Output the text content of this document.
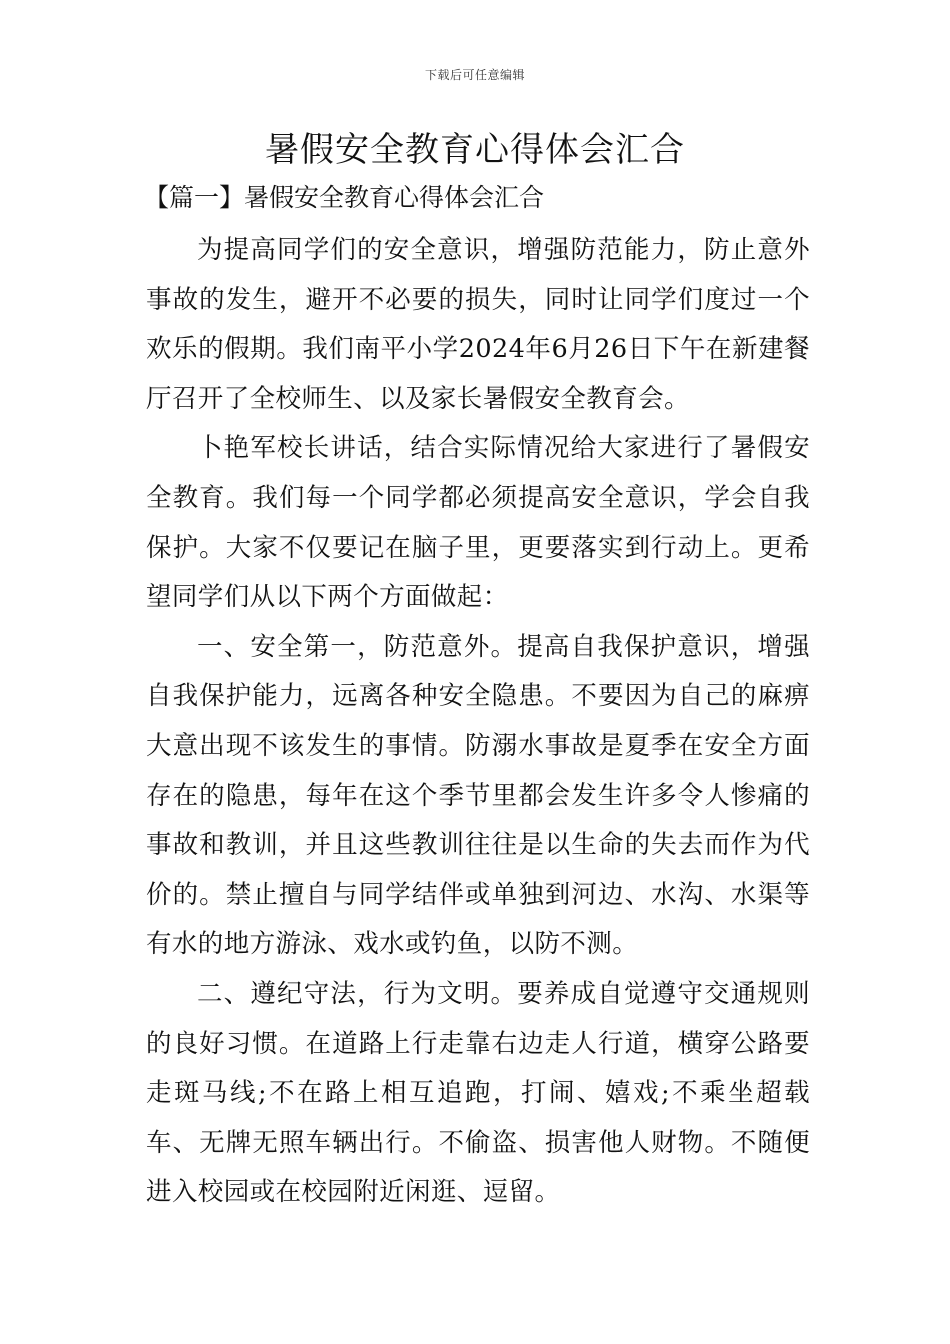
下载后可任意编辑
暑假安全教育心得体会汇合
【篇一】暑假安全教育心得体会汇合

为提高同学们的安全意识，增强防范能力，防止意外事故的发生，避开不必要的损失，同时让同学们度过一个欢乐的假期。我们南平小学2024年6月26日下午在新建餐厅召开了全校师生、以及家长暑假安全教育会。

卜艳军校长讲话，结合实际情况给大家进行了暑假安全教育。我们每一个同学都必须提高安全意识，学会自我保护。大家不仅要记在脑子里，更要落实到行动上。更希望同学们从以下两个方面做起：

一、安全第一，防范意外。提高自我保护意识，增强自我保护能力，远离各种安全隐患。不要因为自己的麻痹大意出现不该发生的事情。防溺水事故是夏季在安全方面存在的隐患，每年在这个季节里都会发生许多令人惨痛的事故和教训，并且这些教训往往是以生命的失去而作为代价的。禁止擅自与同学结伴或单独到河边、水沟、水渠等有水的地方游泳、戏水或钓鱼，以防不测。

二、遵纪守法，行为文明。要养成自觉遵守交通规则的良好习惯。在道路上行走靠右边走人行道，横穿公路要走斑马线;不在路上相互追跑，打闹、嬉戏;不乘坐超载车、无牌无照车辆出行。不偷盗、损害他人财物。不随便进入校园或在校园附近闲逛、逗留。
